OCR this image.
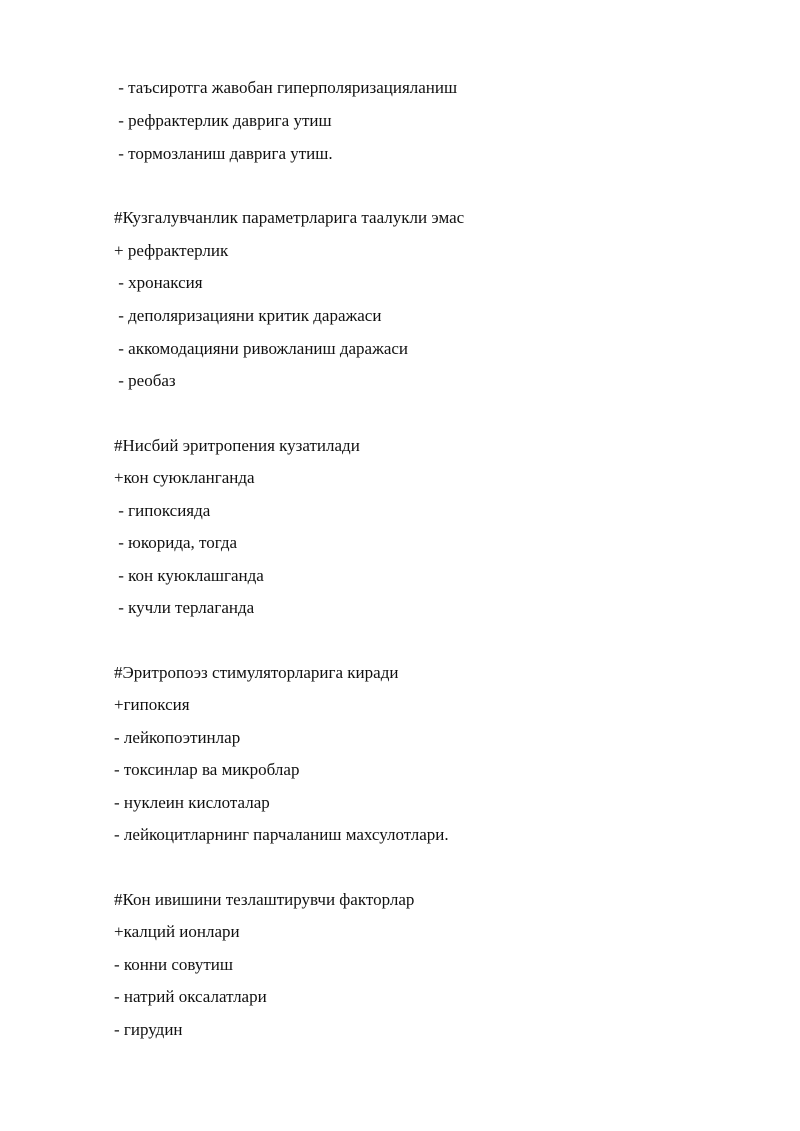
- таъсиротга жавобан гиперполяризацияланиш
- рефрактерлик даврига утиш
- тормозланиш даврига утиш.
#Кузгалувчанлик параметрларига таалукли эмас
+ рефрактерлик
- хронаксия
- деполяризацияни критик даражаси
- аккомодацияни ривожланиш даражаси
- реобаз
#Нисбий эритропения кузатилади
+кон суюкланганда
- гипоксияда
- юкорида, тогда
- кон куюклашганда
- кучли терлаганда
#Эритропоэз стимуляторларига киради
+гипоксия
- лейкопоэтинлар
- токсинлар ва микроблар
- нуклеин кислоталар
- лейкоцитларнинг парчаланиш махсулотлари.
#Кон ивишини тезлаштирувчи факторлар
+калций ионлари
- конни совутиш
- натрий оксалатлари
- гирудин
